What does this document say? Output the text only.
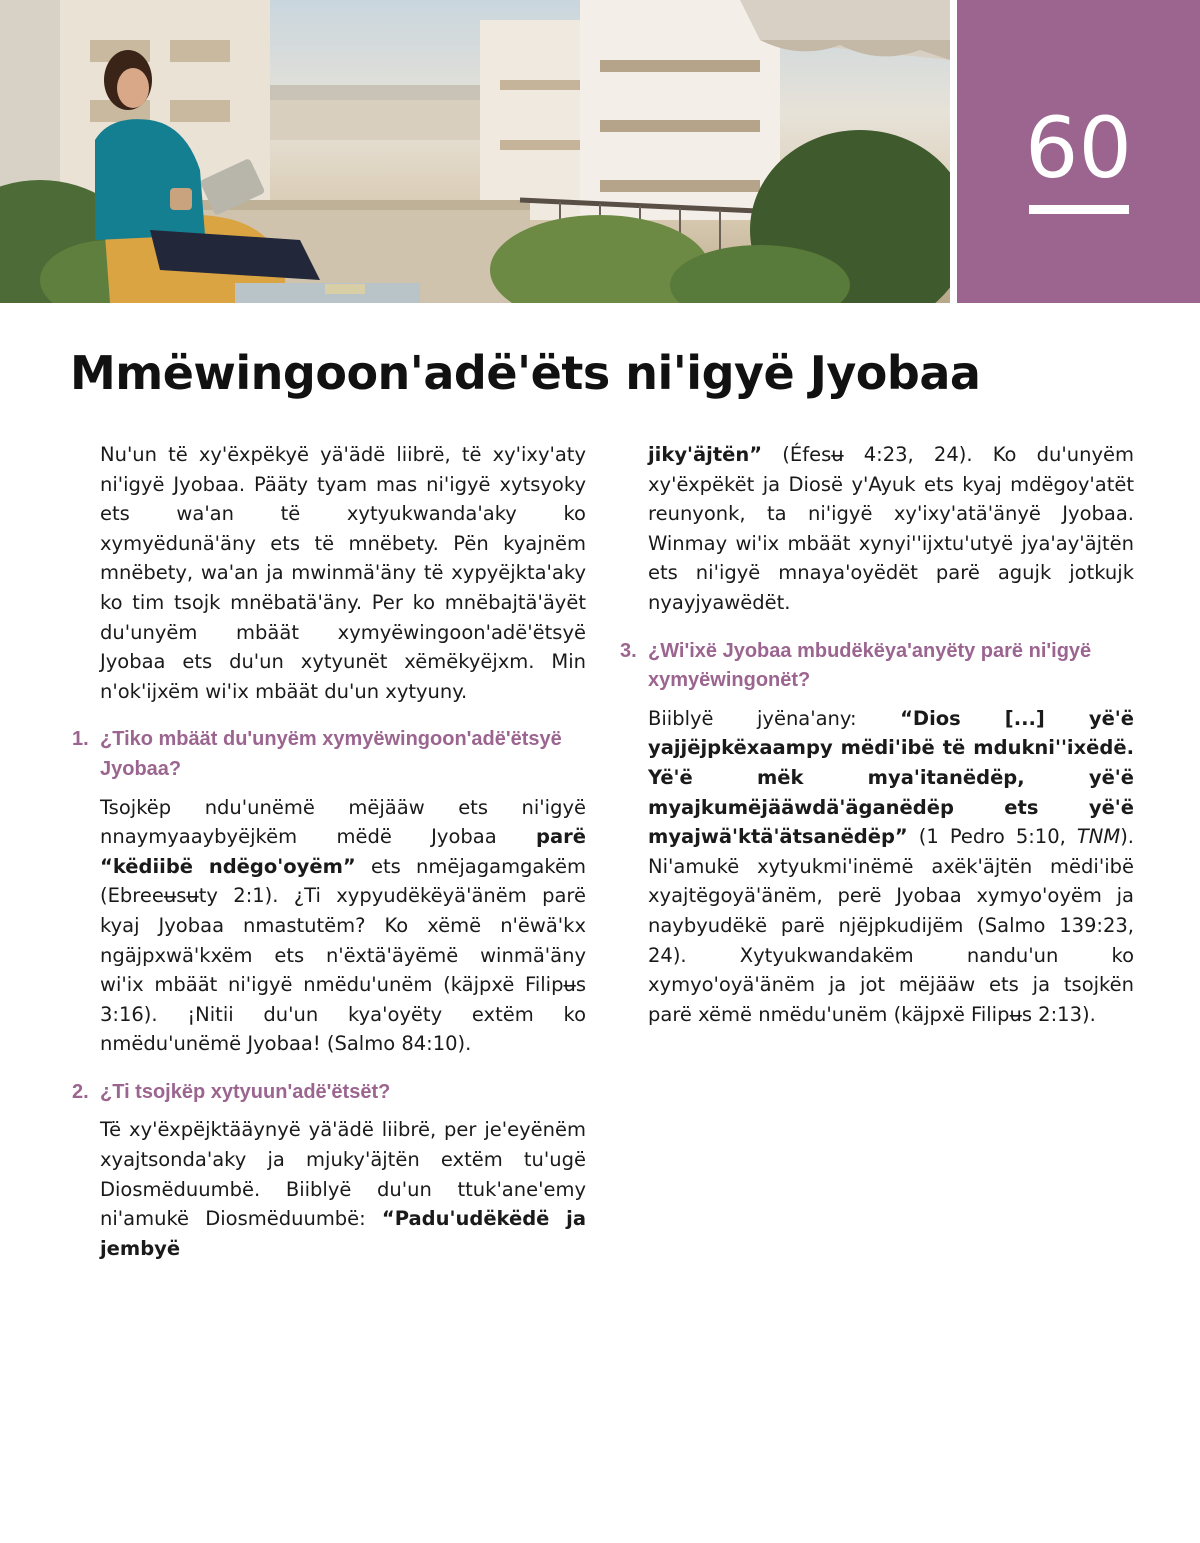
60
Mmëwingoon'adë'ëts ni'igyë Jyobaa

Nu'un të xy'ëxpëkyë yä'ädë liibrë, të xy'ixy'aty ni'igyë Jyobaa. Pääty tyam mas ni'igyë xytsyoky ets wa'an të xytyukwanda'aky ko xymyëdunä'äny ets të mnëbety. Pën kyajnëm mnëbety, wa'an ja mwinmä'äny të xypyëjkta'aky ko tim tsojk mnëbatä'äny. Per ko mnëbajtä'äyët du'unyëm mbäät xymyëwingoon'adë'ëtsyë Jyobaa ets du'un xytyunët xëmëkyëjxm. Min n'ok'ijxëm wi'ix mbäät du'un xytyuny.

1. ¿Tiko mbäät du'unyëm xymyëwingoon'adë'ëtsyë Jyobaa?

Tsojkëp ndu'unëmë mëjääw ets ni'igyë nnaymyaaybyëjkëm mëdë Jyobaa parë “këdiibë ndëgo'oyëm” ets nmëjagamgakëm (Ebreeʉsʉty 2:1). ¿Ti xypyudëkëyä'änëm parë kyaj Jyobaa nmastutëm? Ko xëmë n'ëwä'kx ngäjpxwä'kxëm ets n'ëxtä'äyëmë winmä'äny wi'ix mbäät ni'igyë nmëdu'unëm (käjpxë Filipʉs 3:16). ¡Nitii du'un kya'oyëty extëm ko nmëdu'unëmë Jyobaa! (Salmo 84:10).

2. ¿Ti tsojkëp xytyuun'adë'ëtsët?

Të xy'ëxpëjktääynyë yä'ädë liibrë, per je'eyënëm xyajtsonda'aky ja mjuky'äjtën extëm tu'ugë Diosmëduumbë. Biiblyë du'un ttuk'ane'emy ni'amukë Diosmëduumbë: “Padu'udëkëdë ja jembyë

jiky'äjtën” (Éfesʉ 4:23, 24). Ko du'unyëm xy'ëxpëkët ja Diosë y'Ayuk ets kyaj mdëgoy'atët reunyonk, ta ni'igyë xy'ixy'atä'änyë Jyobaa. Winmay wi'ix mbäät xynyi''ijxtu'utyë jya'ay'äjtën ets ni'igyë mnaya'oyëdët parë agujk jotkujk nyayjyawëdët.

3. ¿Wi'ixë Jyobaa mbudëkëya'anyëty parë ni'igyë xymyëwingonët?

Biiblyë jyëna'any: “Dios [...] yë'ë yajjëjpkëxaampy mëdi'ibë të mdukni''ixëdë. Yë'ë mëk mya'itanëdëp, yë'ë myajkumëjääwdä'äganëdëp ets yë'ë myajwä'ktä'ätsanëdëp” (1 Pedro 5:10, TNM). Ni'amukë xytyukmi'inëmë axëk'äjtën mëdi'ibë xyajtëgoyä'änëm, perë Jyobaa xymyo'oyëm ja naybyudëkë parë njëjpkudijëm (Salmo 139:23, 24). Xytyukwandakëm nandu'un ko xymyo'oyä'änëm ja jot mëjääw ets ja tsojkën parë xëmë nmëdu'unëm (käjpxë Filipʉs 2:13).
